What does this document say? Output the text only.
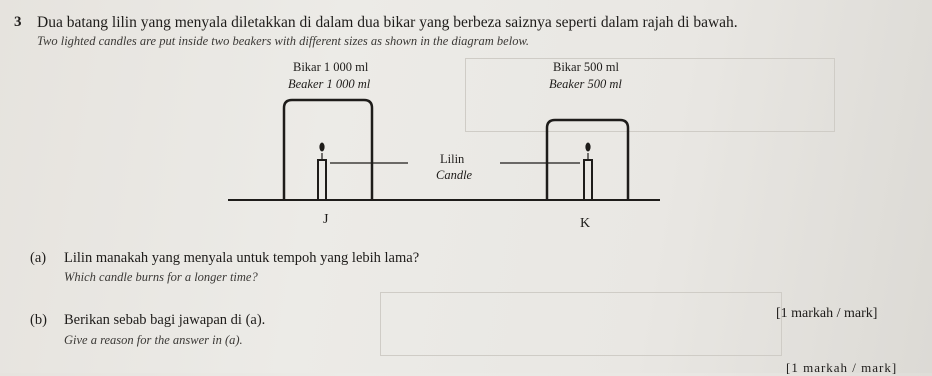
3 Dua batang lilin yang menyala diletakkan di dalam dua bikar yang berbeza saiznya seperti dalam rajah di bawah.
Two lighted candles are put inside two beakers with different sizes as shown in the diagram below.
Bikar 1 000 ml
Beaker 1 000 ml
Bikar 500 ml
Beaker 500 ml
Lilin
Candle
J	K
(a) Lilin manakah yang menyala untuk tempoh yang lebih lama?
Which candle burns for a longer time?
[1 markah / mark]
(b) Berikan sebab bagi jawapan di (a).
Give a reason for the answer in (a).
[1 markah / mark]
